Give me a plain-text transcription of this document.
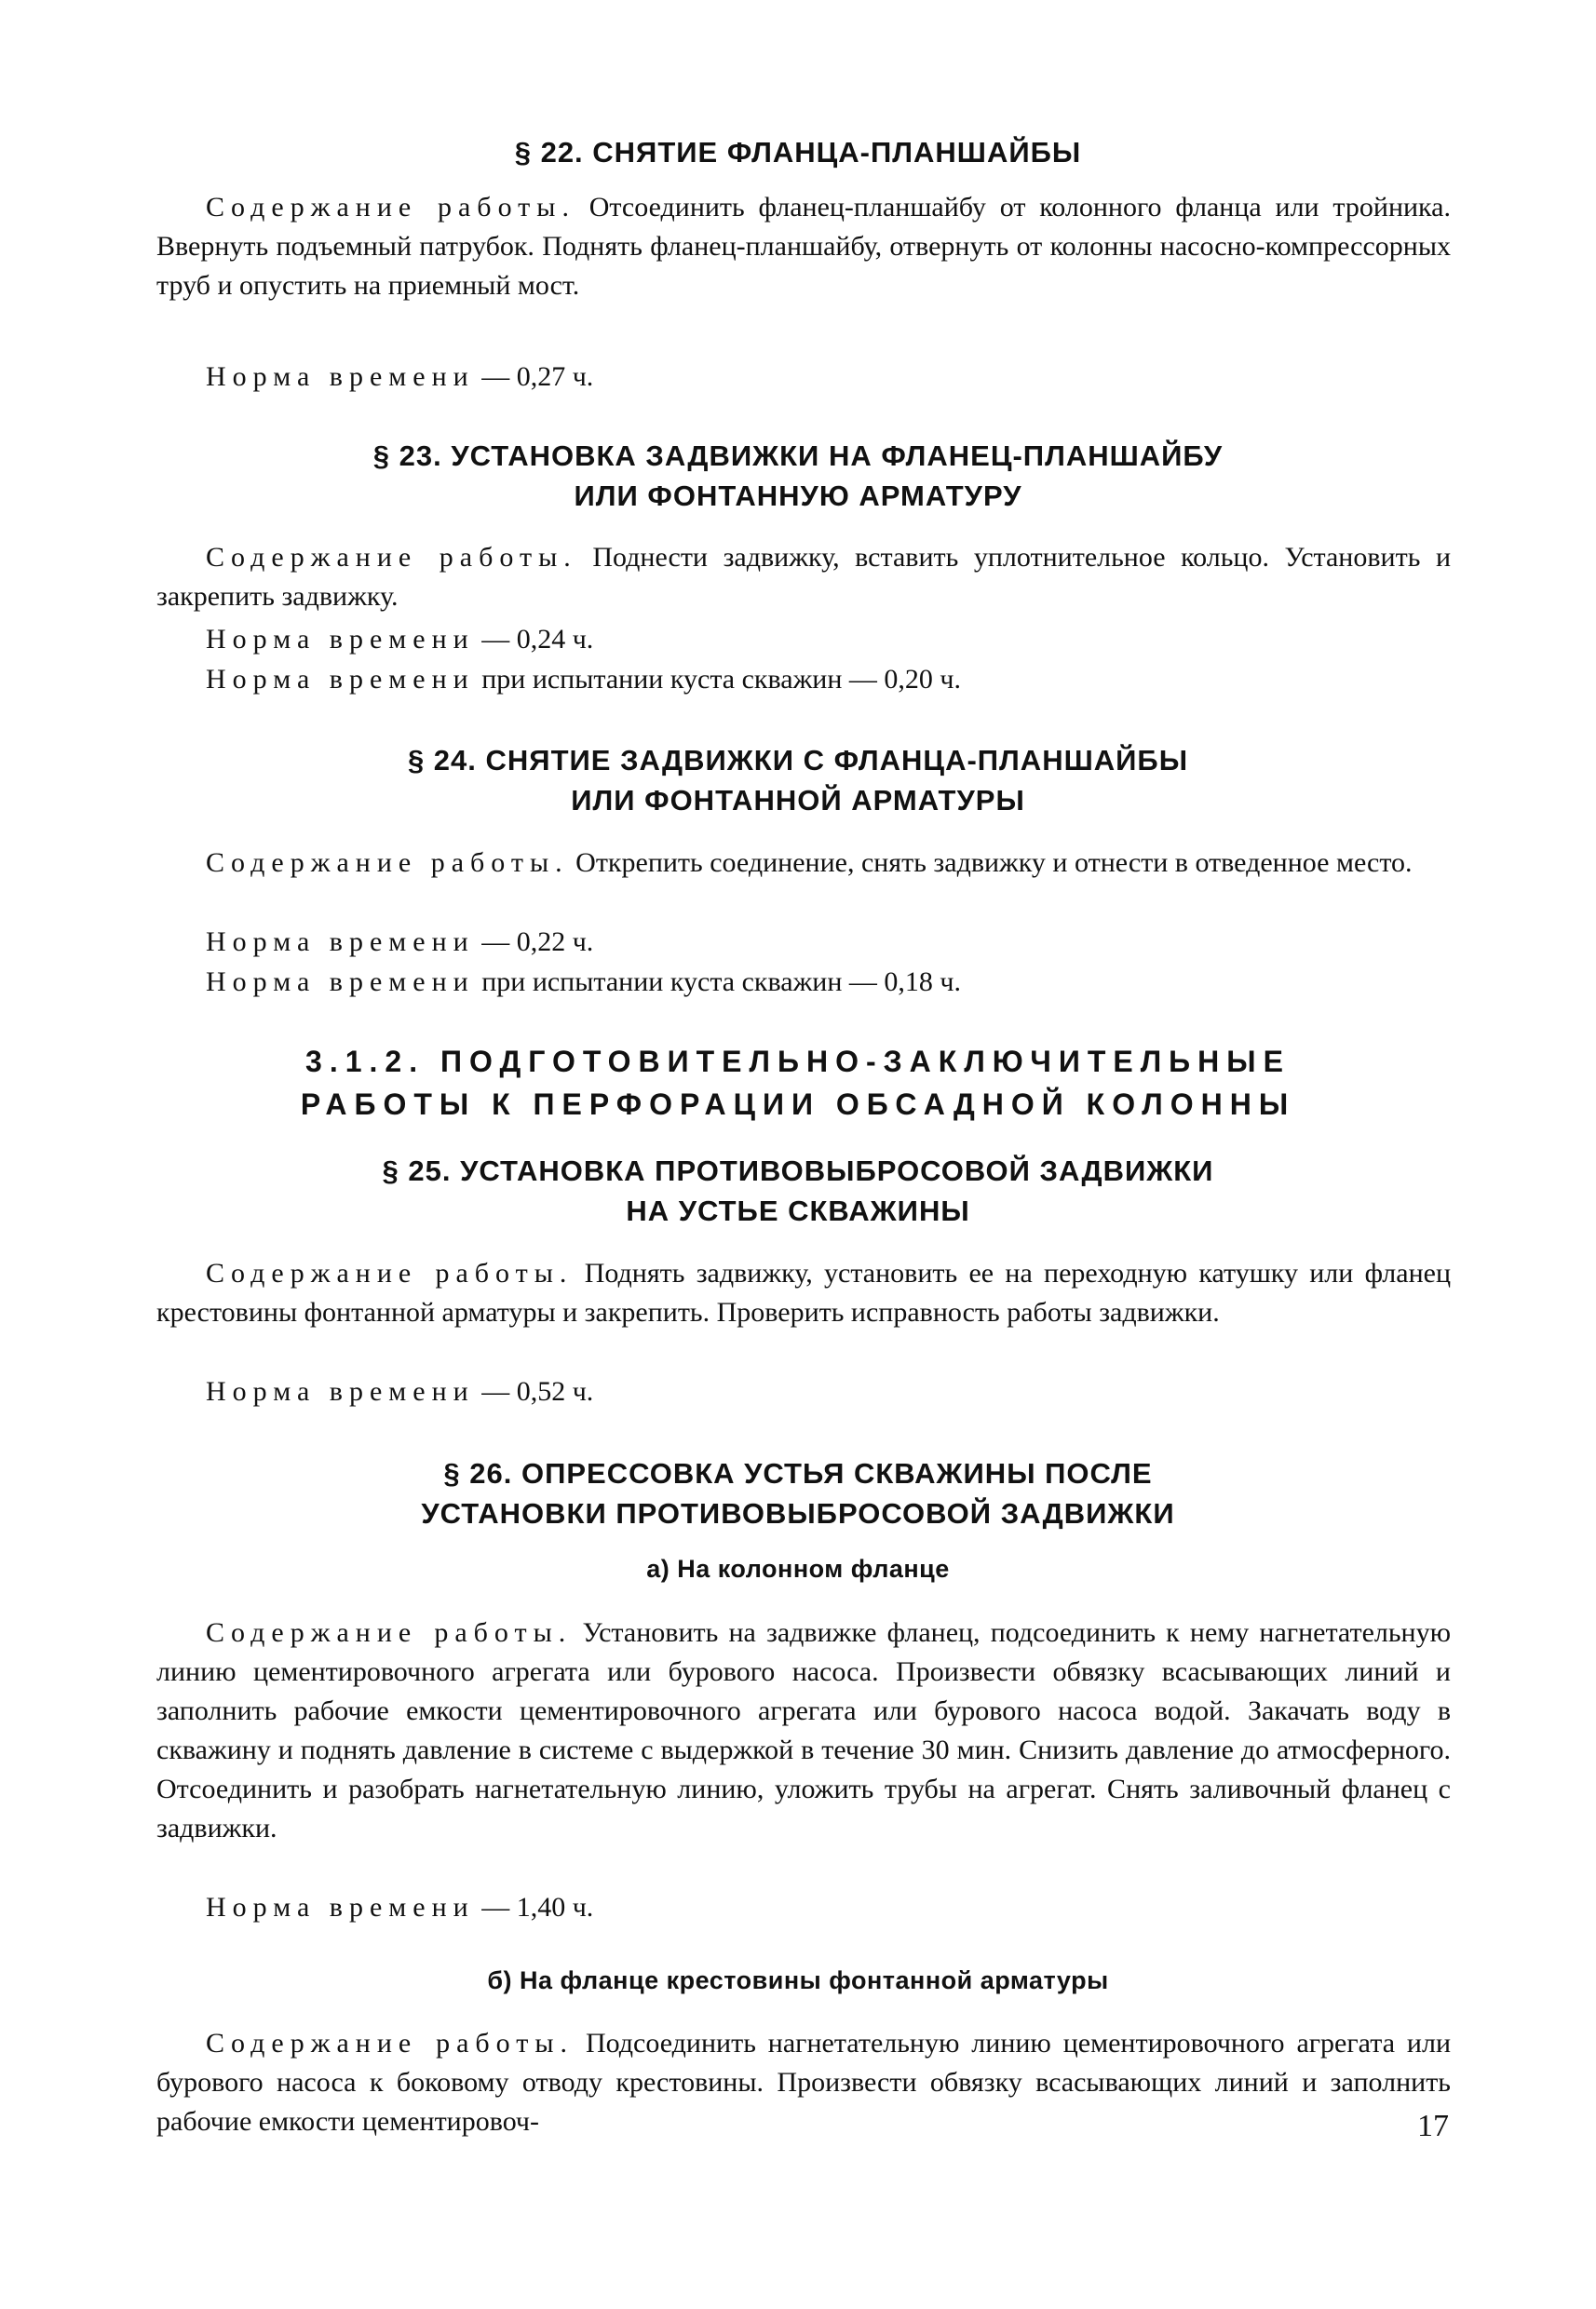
§ 22. СНЯТИЕ ФЛАНЦА-ПЛАНШАЙБЫ

Содержание работы. Отсоединить фланец-планшайбу от колонного фланца или тройника. Ввернуть подъемный патрубок. Поднять фланец-планшайбу, отвернуть от колонны насосно-компрессорных труб и опустить на приемный мост.

Норма времени — 0,27 ч.

§ 23. УСТАНОВКА ЗАДВИЖКИ НА ФЛАНЕЦ-ПЛАНШАЙБУ
ИЛИ ФОНТАННУЮ АРМАТУРУ

Содержание работы. Поднести задвижку, вставить уплотнительное кольцо. Установить и закрепить задвижку.

Норма времени — 0,24 ч.

Норма времени при испытании куста скважин — 0,20 ч.

§ 24. СНЯТИЕ ЗАДВИЖКИ С ФЛАНЦА-ПЛАНШАЙБЫ
ИЛИ ФОНТАННОЙ АРМАТУРЫ

Содержание работы. Открепить соединение, снять задвижку и отнести в отведенное место.

Норма времени — 0,22 ч.

Норма времени при испытании куста скважин — 0,18 ч.

3.1.2. ПОДГОТОВИТЕЛЬНО-ЗАКЛЮЧИТЕЛЬНЫЕ
РАБОТЫ К ПЕРФОРАЦИИ ОБСАДНОЙ КОЛОННЫ
§ 25. УСТАНОВКА ПРОТИВОВЫБРОСОВОЙ ЗАДВИЖКИ
НА УСТЬЕ СКВАЖИНЫ

Содержание работы. Поднять задвижку, установить ее на переходную катушку или фланец крестовины фонтанной арматуры и закрепить. Проверить исправность работы задвижки.

Норма времени — 0,52 ч.

§ 26. ОПРЕССОВКА УСТЬЯ СКВАЖИНЫ ПОСЛЕ
УСТАНОВКИ ПРОТИВОВЫБРОСОВОЙ ЗАДВИЖКИ
а) На колонном фланце

Содержание работы. Установить на задвижке фланец, подсоединить к нему нагнетательную линию цементировочного агрегата или бурового насоса. Произвести обвязку всасывающих линий и заполнить рабочие емкости цементировочного агрегата или бурового насоса водой. Закачать воду в скважину и поднять давление в системе с выдержкой в течение 30 мин. Снизить давление до атмосферного. Отсоединить и разобрать нагнетательную линию, уложить трубы на агрегат. Снять заливочный фланец с задвижки.

Норма времени — 1,40 ч.

б) На фланце крестовины фонтанной арматуры

Содержание работы. Подсоединить нагнетательную линию цементировочного агрегата или бурового насоса к боковому отводу крестовины. Произвести обвязку всасывающих линий и заполнить рабочие емкости цементировоч-	17
